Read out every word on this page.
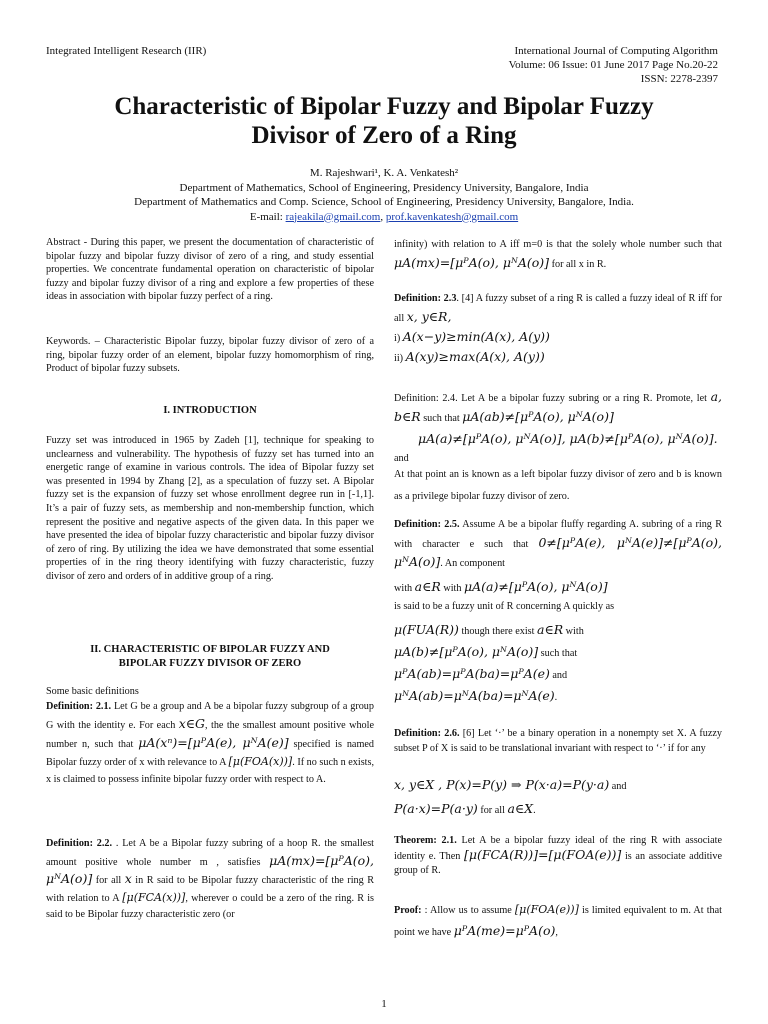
Integrated Intelligent Research (IIR)	International Journal of Computing Algorithm
Volume: 06 Issue: 01 June 2017 Page No.20-22
ISSN: 2278-2397
Characteristic of Bipolar Fuzzy and Bipolar Fuzzy
Divisor of Zero of a Ring
M. Rajeshwari¹, K. A. Venkatesh²
Department of Mathematics, School of Engineering, Presidency University, Bangalore, India
Department of Mathematics and Comp. Science, School of Engineering, Presidency University, Bangalore, India.
E-mail: rajeakila@gmail.com, prof.kavenkatesh@gmail.com
Abstract - During this paper, we present the documentation of characteristic of bipolar fuzzy and bipolar fuzzy divisor of zero of a ring, and study essential properties. We concentrate fundamental operation on characteristic of bipolar fuzzy and bipolar fuzzy divisor of a ring and explore a few properties of these ideas in association with bipolar fuzzy perfect of a ring.
Keywords. – Characteristic Bipolar fuzzy, bipolar fuzzy divisor of zero of a ring, bipolar fuzzy order of an element, bipolar fuzzy homomorphism of ring, Product of bipolar fuzzy subsets.
I. INTRODUCTION
Fuzzy set was introduced in 1965 by Zadeh [1], technique for speaking to unclearness and vulnerability. The hypothesis of fuzzy set has turned into an energetic range of examine in various controls. The idea of Bipolar fuzzy set was presented in 1994 by Zhang [2], as a speculation of fuzzy set. A Bipolar fuzzy set is the expansion of fuzzy set whose enrollment degree run in [-1,1]. It’s a pair of fuzzy sets, as membership and non-membership function, which represent the positive and negative aspects of the given data. In this paper we have presented the idea of bipolar fuzzy characteristic and bipolar fuzzy divisor of zero of ring. By utilizing the idea we have demonstrated that some essential properties of in the ring theory identifying with fuzzy characteristic, fuzzy divisor of zero and orders of in additive group of a ring.
II. CHARACTERISTIC OF BIPOLAR FUZZY AND
BIPOLAR FUZZY DIVISOR OF ZERO
Some basic definitions
Definition: 2.1. Let G be a group and A be a bipolar fuzzy subgroup of a group G with the identity e. For each x∈G, the the smallest amount positive whole number n, such that μA(xⁿ)=[μᴾA(e), μᴺA(e)] specified is named Bipolar fuzzy order of x with relevance to A [μ(FOA(x))]. If no such n exists, x is claimed to possess infinite bipolar fuzzy order with respect to A.
Definition: 2.2. . Let A be a Bipolar fuzzy subring of a hoop R. the smallest amount positive whole number m , satisfies μA(mx)=[μᴾA(o), μᴺA(o)] for all x in R said to be Bipolar fuzzy characteristic of the ring R with relation to A [μ(FCA(x))], wherever o could be a zero of the ring. R is said to be Bipolar fuzzy characteristic zero (or
infinity) with relation to A iff m=0 is that the solely whole number such that μA(mx)=[μᴾA(o), μᴺA(o)] for all x in R.
Definition: 2.3. [4] A fuzzy subset of a ring R is called a fuzzy ideal of R iff for all x, y∈R,
i) A(x−y)≥min(A(x), A(y))
ii) A(xy)≥max(A(x), A(y))
Definition: 2.4. Let A be a bipolar fuzzy subring or a ring R. Promote, let a, b∈R such that μA(ab)≠[μᴾA(o), μᴺA(o)]
μA(a)≠[μᴾA(o), μᴺA(o)], μA(b)≠[μᴾA(o), μᴺA(o)].
and
At that point an is known as a left bipolar fuzzy divisor of zero and b is known as a privilege bipolar fuzzy divisor of zero.
Definition: 2.5. Assume A be a bipolar fluffy regarding A. subring of a ring R with character e such that 0≠[μᴾA(e), μᴺA(e)]≠[μᴾA(o), μᴺA(o)]. An component
with a∈R with μA(a)≠[μᴾA(o), μᴺA(o)]
is said to be a fuzzy unit of R concerning A quickly as
μ(FUA(R)) though there exist a∈R with
μA(b)≠[μᴾA(o), μᴺA(o)] such that
μᴾA(ab)=μᴾA(ba)=μᴾA(e) and
μᴺA(ab)=μᴺA(ba)=μᴺA(e).
Definition: 2.6. [6] Let ‘·’ be a binary operation in a nonempty set X. A fuzzy subset P of X is said to be translational invariant with respect to ‘·’ if for any
x, y∈X , P(x)=P(y) ⇒ P(x·a)=P(y·a) and
P(a·x)=P(a·y) for all a∈X.
Theorem: 2.1. Let A be a bipolar fuzzy ideal of the ring R with associate identity e. Then [μ(FCA(R))]=[μ(FOA(e))] is an associate additive group of R.
Proof: : Allow us to assume [μ(FOA(e))] is limited equivalent to m. At that point we have μᴾA(me)=μᴾA(o),
1
